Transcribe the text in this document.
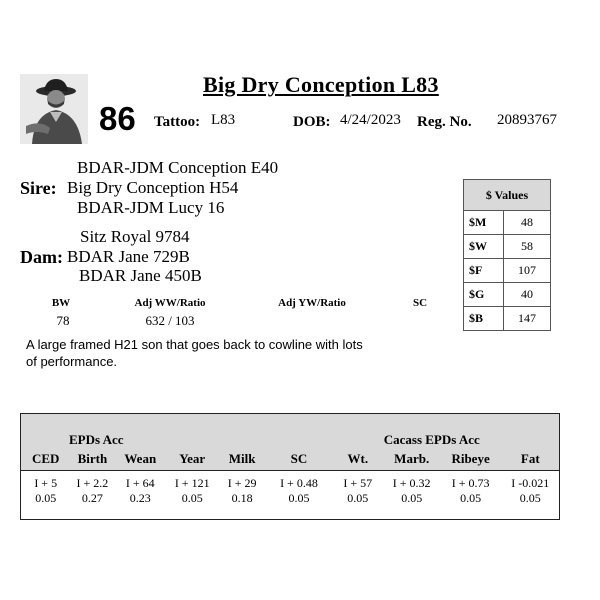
Big Dry Conception L83
86 Tattoo: L83	DOB: 4/24/2023 Reg. No. 20893767
BDAR-JDM Conception E40
Sire: Big Dry Conception H54
BDAR-JDM Lucy 16
Sitz Royal 9784
Dam: BDAR Jane 729B
BDAR Jane 450B
BW	Adj WW/Ratio	Adj YW/Ratio	SC
78	632 / 103
A large framed H21 son that goes back to cowline with lots of performance.
$ Values	
$M	48
$W	58
$F	107
$G	40
$B	147
EPDs Acc							Cacass EPDs Acc		
CED	Birth	Wean	Year	Milk	SC	Wt.	Marb.	Ribeye	Fat
I + 5	I + 2.2	I + 64	I + 121	I + 29	I + 0.48	I + 57	I + 0.32	I + 0.73	I -0.021
0.05	0.27	0.23	0.05	0.18	0.05	0.05	0.05	0.05	0.05
